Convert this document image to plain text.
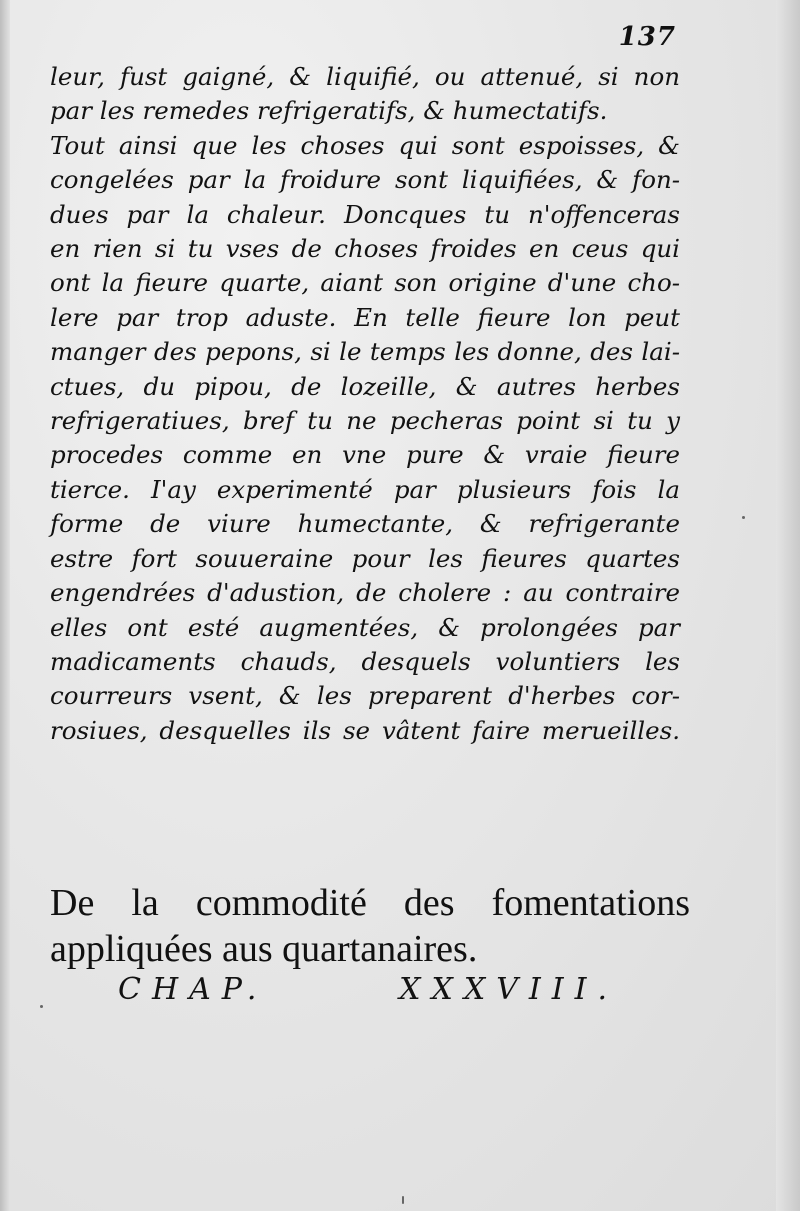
137
leur, fust gaigné, & liquifié, ou attenué, si non
par les remedes refrigeratifs, & humectatifs.
Tout ainsi que les choses qui sont espoisses, &
congelées par la froidure sont liquifiées, & fon-
dues par la chaleur. Doncques tu n'offenceras
en rien si tu vses de choses froides en ceus qui
ont la fieure quarte, aiant son origine d'une cho-
lere par trop aduste. En telle fieure lon peut
manger des pepons, si le temps les donne, des lai-
ctues, du pipou, de lozeille, & autres herbes
refrigeratiues, bref tu ne pecheras point si tu y
procedes comme en vne pure & vraie fieure
tierce. I'ay experimenté par plusieurs fois la
forme de viure humectante, & refrigerante
estre fort souueraine pour les fieures quartes
engendrées d'adustion, de cholere : au contraire
elles ont esté augmentées, & prolongées par
madicaments chauds, desquels voluntiers les
courreurs vsent, & les preparent d'herbes cor-
rosiues, desquelles ils se vâtent faire merueilles.
De la commodité des fomentations
appliquées aus quartanaires.
CHAP.	XXXVIII.
